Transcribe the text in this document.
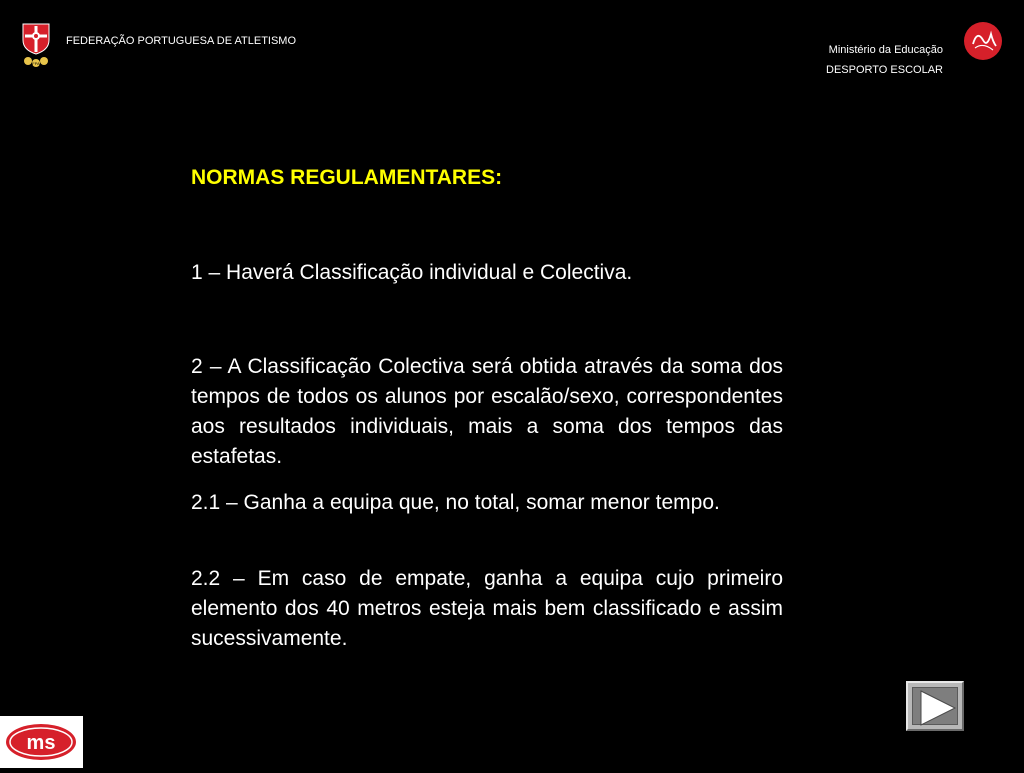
FPA
FEDERAÇÃO PORTUGUESA DE ATLETISMO
Ministério da Educação
DESPORTO ESCOLAR
NORMAS REGULAMENTARES:

1 – Haverá Classificação individual e Colectiva.

2 – A Classificação Colectiva será obtida através da soma dos tempos de todos os alunos por escalão/sexo, correspondentes aos resultados individuais, mais a soma dos tempos das estafetas.

2.1 – Ganha a equipa que, no total, somar menor tempo.

2.2 – Em caso de empate, ganha a equipa cujo primeiro elemento dos 40 metros esteja mais bem classificado e assim sucessivamente.

ms
